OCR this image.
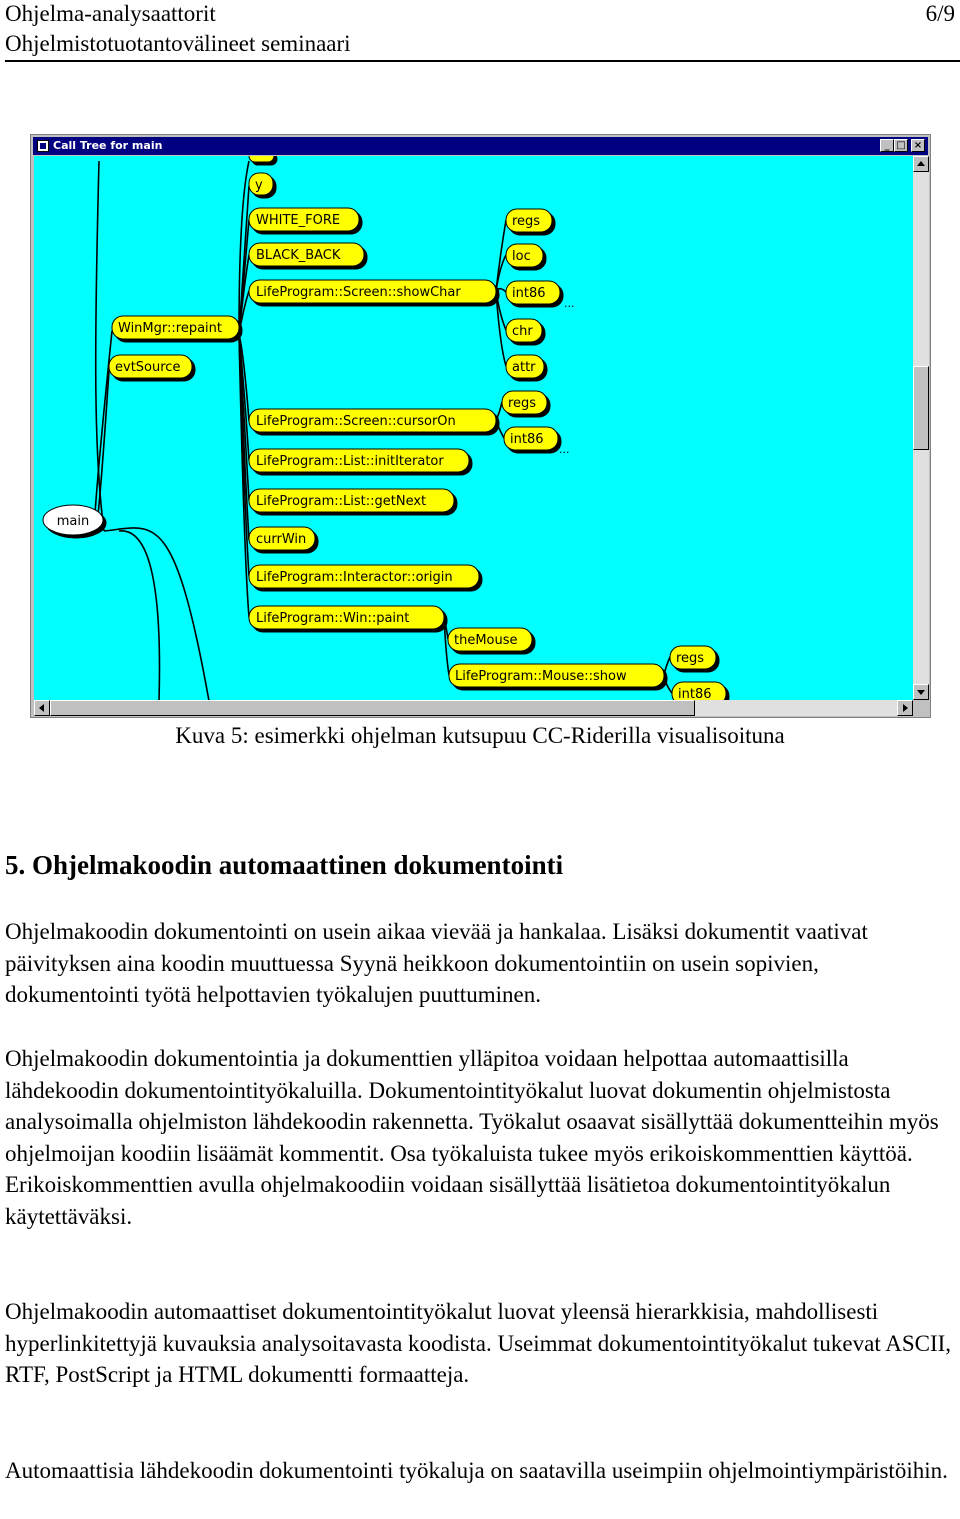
Ohjelma-analysaattorit
Ohjelmistotuotantovälineet seminaari
6/9
Call Tree for main	_ □ ×
y
WHITE_FORE
BLACK_BACK
LifeProgram::Screen::showChar
WinMgr::repaint
evtSource
LifeProgram::Screen::cursorOn
LifeProgram::List::initIterator
LifeProgram::List::getNext
main
currWin
LifeProgram::Interactor::origin
LifeProgram::Win::paint
theMouse
LifeProgram::Mouse::show
regs
loc
int86
chr
attr
regs
int86
regs
int86
...
...
Kuva 5: esimerkki ohjelman kutsupuu CC-Riderilla visualisoituna
5. Ohjelmakoodin automaattinen dokumentointi

Ohjelmakoodin dokumentointi on usein aikaa vievää ja hankalaa. Lisäksi dokumentit vaativat päivityksen aina koodin muuttuessa Syynä heikkoon dokumentointiin on usein sopivien, dokumentointi työtä helpottavien työkalujen puuttuminen.

Ohjelmakoodin dokumentointia ja dokumenttien ylläpitoa voidaan helpottaa automaattisilla lähdekoodin dokumentointityökaluilla. Dokumentointityökalut luovat dokumentin ohjelmistosta analysoimalla ohjelmiston lähdekoodin rakennetta. Työkalut osaavat sisällyttää dokumentteihin myös ohjelmoijan koodiin lisäämät kommentit. Osa työkaluista tukee myös erikoiskommenttien käyttöä. Erikoiskommenttien avulla ohjelmakoodiin voidaan sisällyttää lisätietoa dokumentointityökalun käytettäväksi.

Ohjelmakoodin automaattiset dokumentointityökalut luovat yleensä hierarkkisia, mahdollisesti hyperlinkitettyjä kuvauksia analysoitavasta koodista. Useimmat dokumentointityökalut tukevat ASCII, RTF, PostScript ja HTML dokumentti formaatteja.

Automaattisia lähdekoodin dokumentointi työkaluja on saatavilla useimpiin ohjelmointiympäristöihin.
